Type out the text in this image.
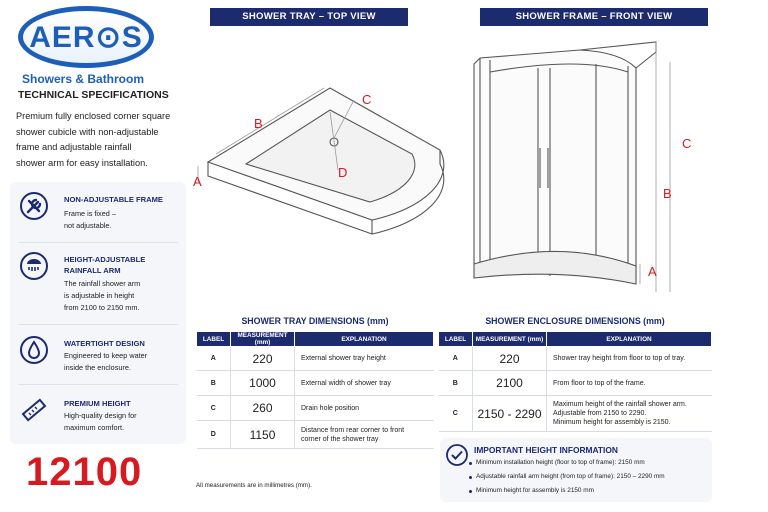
AER⊙S
Showers & Bathroom
TECHNICAL SPECIFICATIONS
Premium fully enclosed corner square
shower cubicle with non-adjustable
frame and adjustable rainfall
shower arm for easy installation.
NON-ADJUSTABLE FRAME
Frame is fixed –
not adjustable.
HEIGHT-ADJUSTABLE RAINFALL ARM
The rainfall shower arm
is adjustable in height
from 2100 to 2150 mm.
WATERTIGHT DESIGN
Engineered to keep water
inside the enclosure.
PREMIUM HEIGHT
High-quality design for
maximum comfort.
12100
SHOWER TRAY – TOP VIEW	SHOWER FRAME – FRONT VIEW
A
B
C
D
C
B
A
SHOWER TRAY DIMENSIONS (mm)
LABEL	MEASUREMENT (mm)	EXPLANATION
A	220	External shower tray height
B	1000	External width of shower tray
C	260	Drain hole position
D	1150	Distance from rear corner to front
corner of the shower tray
SHOWER ENCLOSURE DIMENSIONS (mm)
LABEL	MEASUREMENT (mm)	EXPLANATION
A	220	Shower tray height from floor to top of tray.
B	2100	From floor to top of the frame.
C	2150 - 2290	Maximum height of the rainfall shower arm.
Adjustable from 2150 to 2290.
Minimum height for assembly is 2150.
All measurements are in millimetres (mm).
IMPORTANT HEIGHT INFORMATION
Minimum installation height (floor to top of frame): 2150 mm
Adjustable rainfall arm height (from top of frame): 2150 – 2290 mm
Minimum height for assembly is 2150 mm
